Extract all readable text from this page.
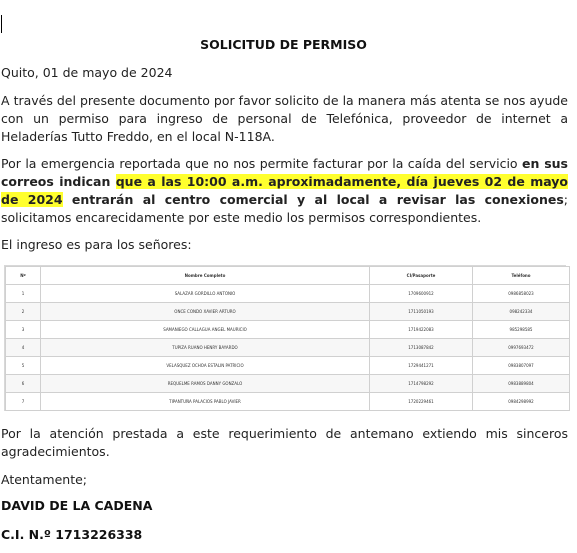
SOLICITUD DE PERMISO

Quito, 01 de mayo de 2024

A través del presente documento por favor solicito de la manera más atenta se nos ayude con un permiso para ingreso de personal de Telefónica, proveedor de internet a Heladerías Tutto Freddo, en el local N-118A.

Por la emergencia reportada que no nos permite facturar por la caída del servicio en sus correos indican que a las 10:00 a.m. aproximadamente, día jueves 02 de mayo de 2024 entrarán al centro comercial y al local a revisar las conexiones; solicitamos encarecidamente por este medio los permisos correspondientes.

El ingreso es para los señores:

Nº	Nombre Completo	CI/Pasaporte	Teléfono
1	SALAZAR GORDILLO ANTONIO	1709600912	0986858023
2	ONCE CONDO XAVIER ARTURO	1711050193	098242334
3	SAMANIEGO CALLAGUA ANGEL MAURICIO	1719422083	985298585
4	TUPIZA RUANO HENRY BAYARDO	1713087842	0997693472
5	VELASQUEZ OCHOA ESTALIN PATRICIO	1729441271	0983807097
6	REQUELME RAMOS DANNY GONZALO	1714798292	0983889804
7	TIPANTUÑA PALACIOS PABLO JAVIER	1720229461	0984298992

Por la atención prestada a este requerimiento de antemano extiendo mis sinceros agradecimientos.

Atentamente;

DAVID DE LA CADENA
C.I. N.º 1713226338
